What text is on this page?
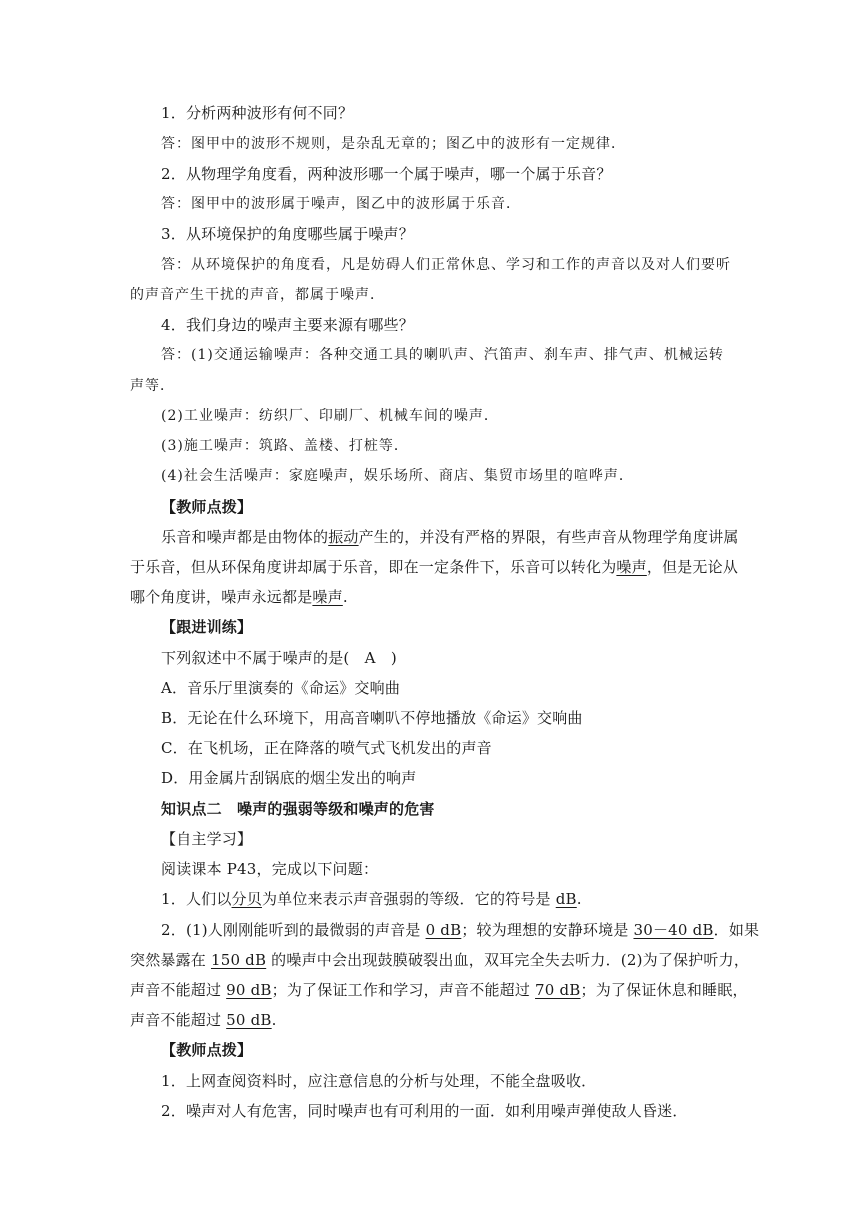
1．分析两种波形有何不同？
答：图甲中的波形不规则，是杂乱无章的；图乙中的波形有一定规律．
2．从物理学角度看，两种波形哪一个属于噪声，哪一个属于乐音？
答：图甲中的波形属于噪声，图乙中的波形属于乐音．
3．从环境保护的角度哪些属于噪声？
答：从环境保护的角度看，凡是妨碍人们正常休息、学习和工作的声音以及对人们要听
的声音产生干扰的声音，都属于噪声．
4．我们身边的噪声主要来源有哪些？
答：(1)交通运输噪声：各种交通工具的喇叭声、汽笛声、刹车声、排气声、机械运转
声等．
(2)工业噪声：纺织厂、印刷厂、机械车间的噪声．
(3)施工噪声：筑路、盖楼、打桩等．
(4)社会生活噪声：家庭噪声，娱乐场所、商店、集贸市场里的喧哗声．
【教师点拨】
乐音和噪声都是由物体的振动产生的，并没有严格的界限，有些声音从物理学角度讲属
于乐音，但从环保角度讲却属于乐音，即在一定条件下，乐音可以转化为噪声，但是无论从
哪个角度讲，噪声永远都是噪声.
【跟进训练】
下列叙述中不属于噪声的是(　A　)
A．音乐厅里演奏的《命运》交响曲
B．无论在什么环境下，用高音喇叭不停地播放《命运》交响曲
C．在飞机场，正在降落的喷气式飞机发出的声音
D．用金属片刮锅底的烟尘发出的响声
知识点二　噪声的强弱等级和噪声的危害
【自主学习】
阅读课本 P43，完成以下问题：
1．人们以分贝为单位来表示声音强弱的等级．它的符号是 dB.
2．(1)人刚刚能听到的最微弱的声音是 0 dB；较为理想的安静环境是 30－40 dB．如果
突然暴露在 150 dB 的噪声中会出现鼓膜破裂出血，双耳完全失去听力．(2)为了保护听力，
声音不能超过 90 dB；为了保证工作和学习，声音不能超过 70 dB；为了保证休息和睡眠，
声音不能超过 50 dB.
【教师点拨】
1．上网查阅资料时，应注意信息的分析与处理，不能全盘吸收．
2．噪声对人有危害，同时噪声也有可利用的一面．如利用噪声弹使敌人昏迷．
